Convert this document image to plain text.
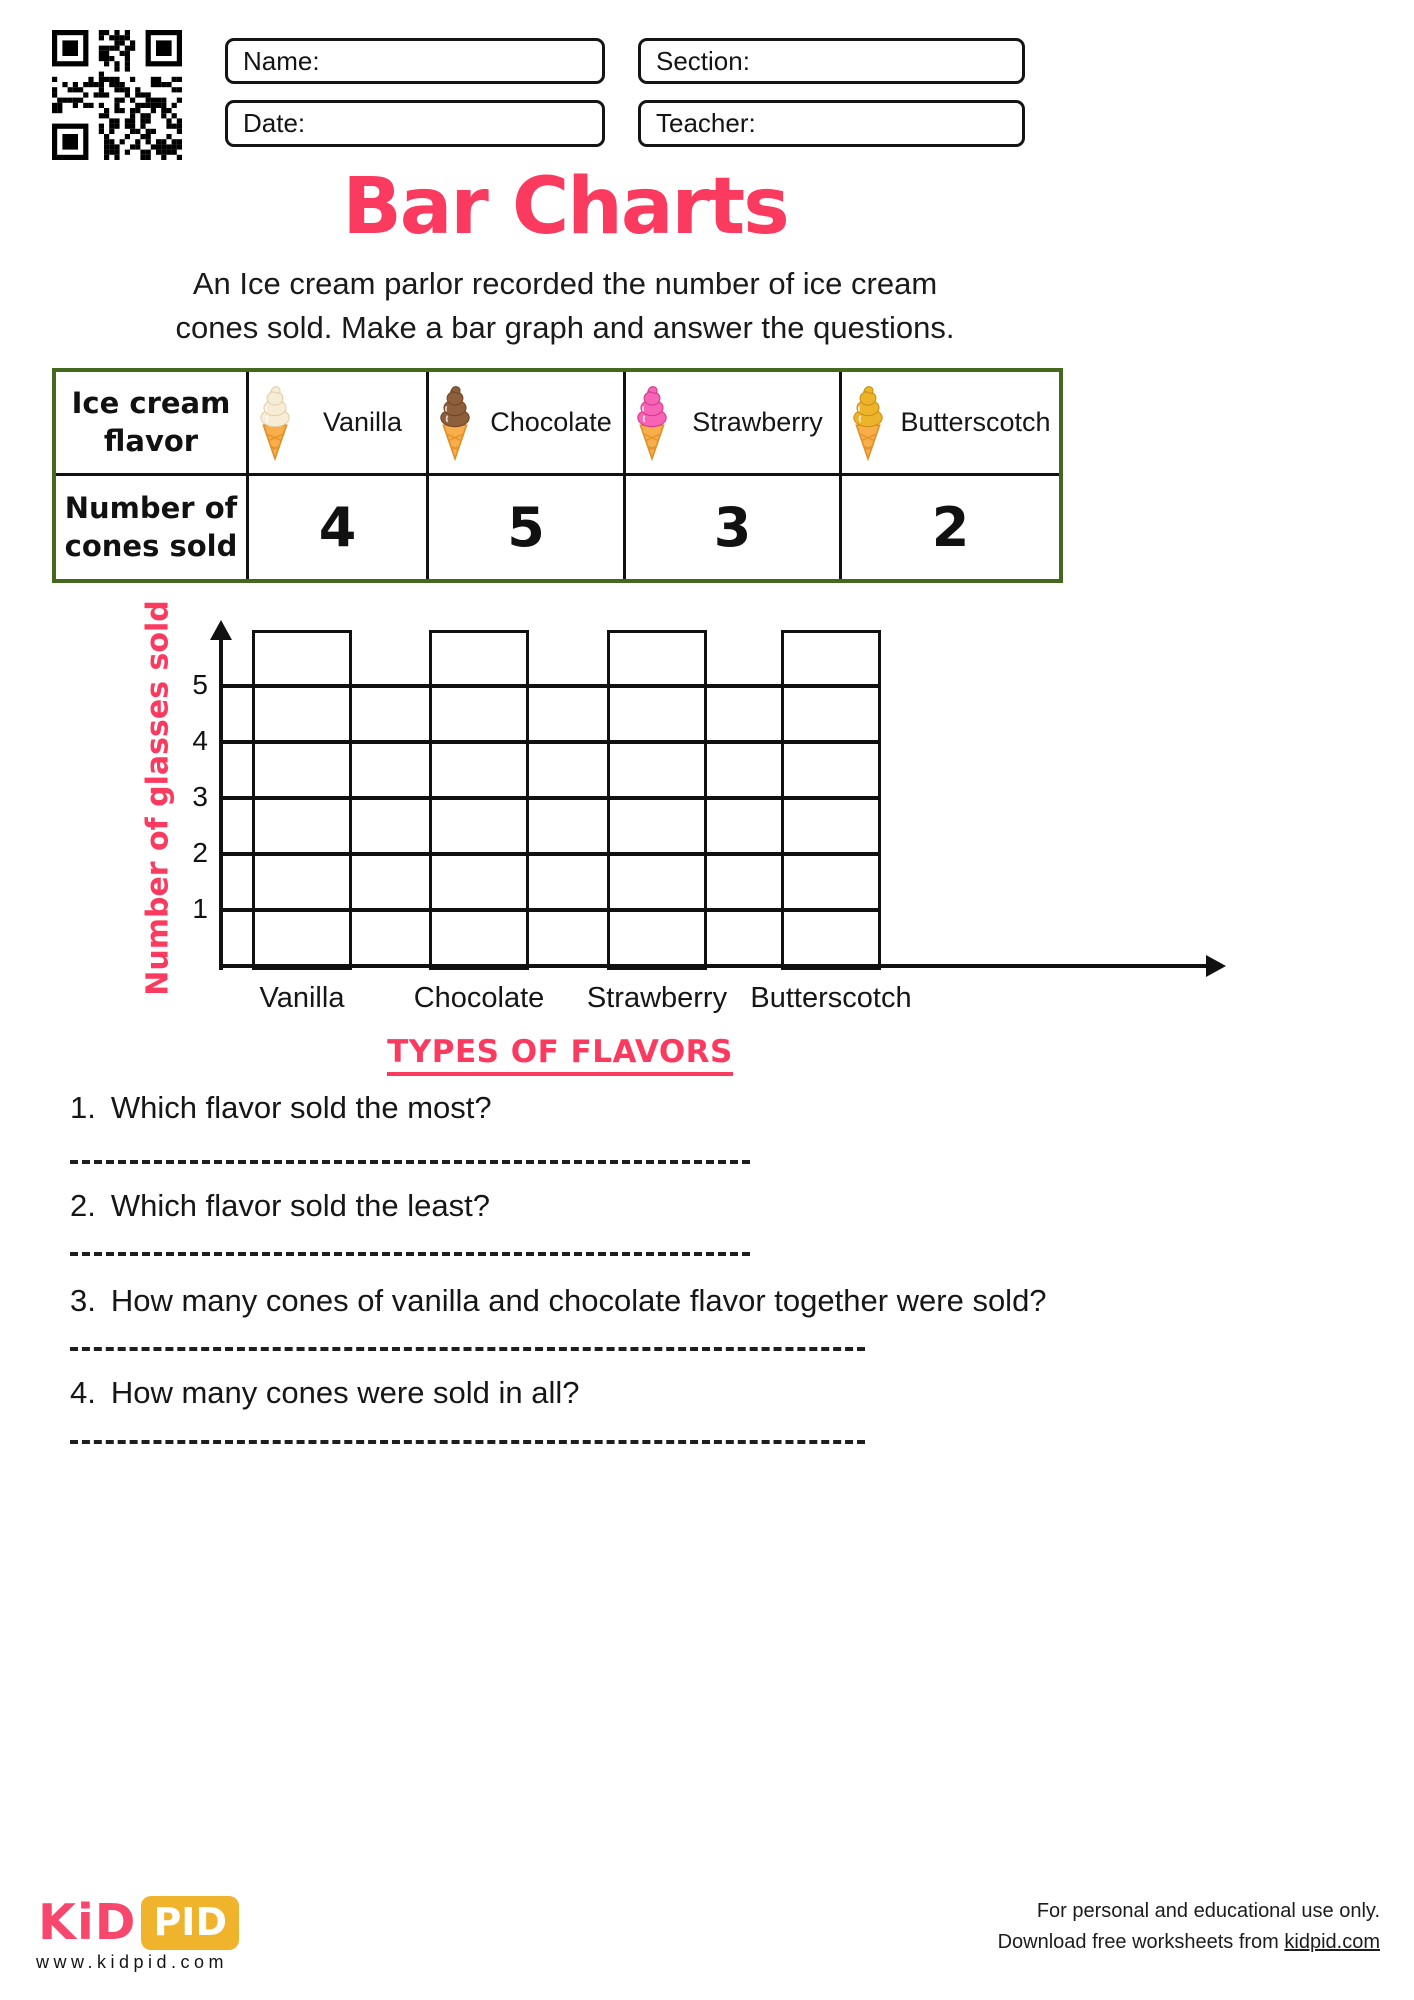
Name:	Section:
Date:	Teacher:
Bar Charts
An Ice cream parlor recorded the number of ice cream
cones sold. Make a bar graph and answer the questions.
Ice cream flavor
Vanilla	Chocolate	Strawberry	Butterscotch
Number of cones sold	4	5	3	2
Number of glasses sold
Vanilla	Chocolate	Strawberry Butterscotch
1
2
3
4
5
TYPES OF FLAVORS
1. Which flavor sold the most?
2. Which flavor sold the least?
3. How many cones of vanilla and chocolate flavor together were sold?
4. How many cones were sold in all?
KiD PID
www.kidpid.com
For personal and educational use only.
Download free worksheets from kidpid.com
